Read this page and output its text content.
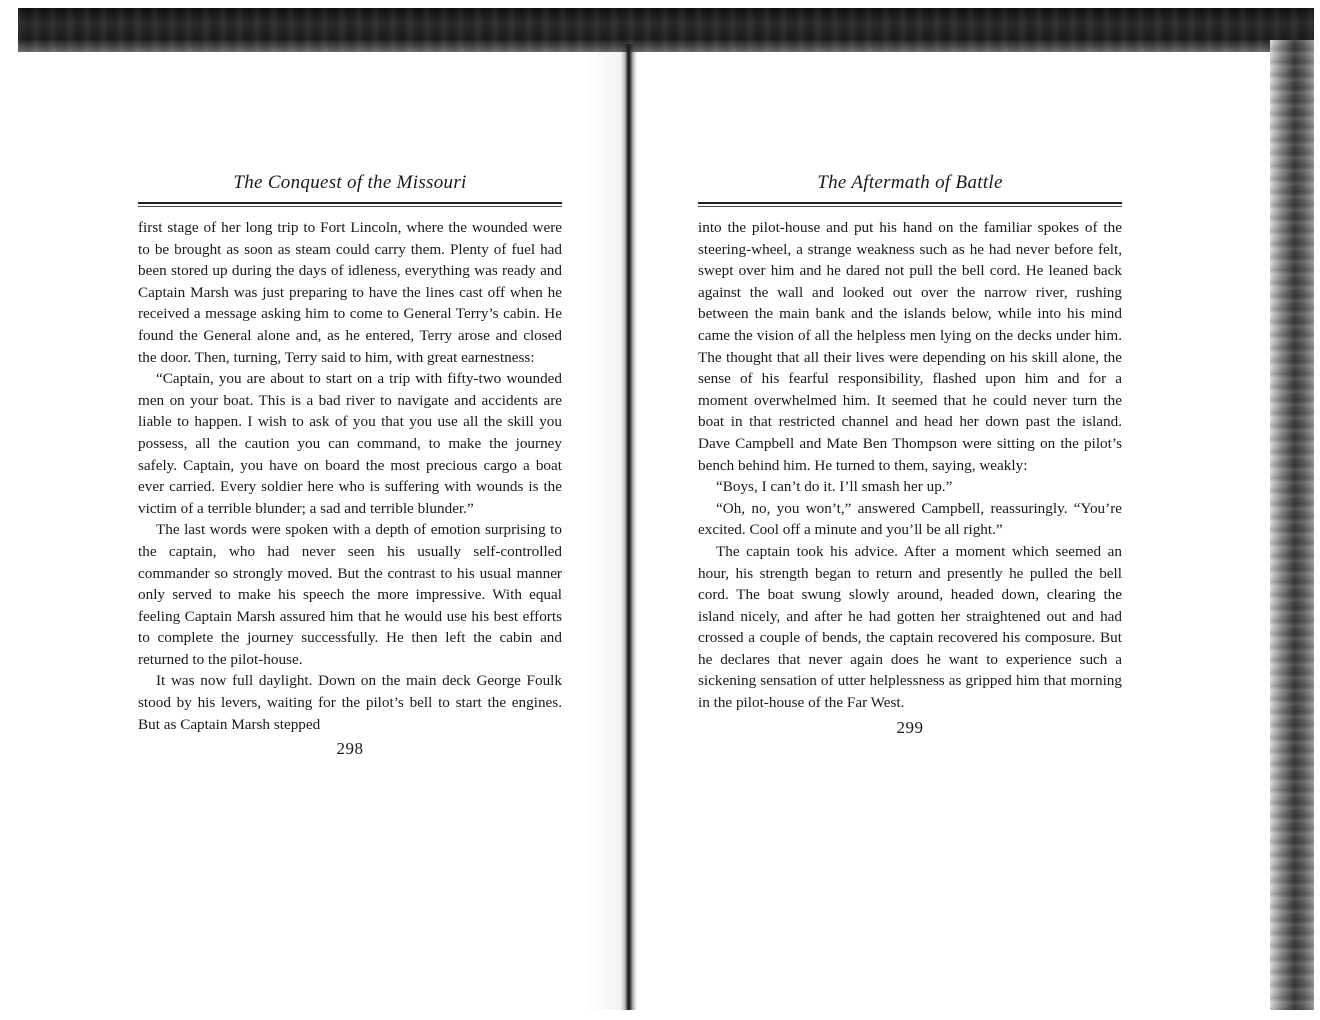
The Conquest of the Missouri

first stage of her long trip to Fort Lincoln, where the wounded were to be brought as soon as steam could carry them. Plenty of fuel had been stored up during the days of idleness, everything was ready and Captain Marsh was just preparing to have the lines cast off when he received a message asking him to come to General Terry’s cabin. He found the General alone and, as he entered, Terry arose and closed the door. Then, turning, Terry said to him, with great earnestness:

“Captain, you are about to start on a trip with fifty-two wounded men on your boat. This is a bad river to navigate and accidents are liable to happen. I wish to ask of you that you use all the skill you possess, all the caution you can command, to make the journey safely. Captain, you have on board the most precious cargo a boat ever carried. Every soldier here who is suffering with wounds is the victim of a terrible blunder; a sad and terrible blunder.”

The last words were spoken with a depth of emotion surprising to the captain, who had never seen his usually self-controlled commander so strongly moved. But the contrast to his usual manner only served to make his speech the more impressive. With equal feeling Captain Marsh assured him that he would use his best efforts to complete the journey successfully. He then left the cabin and returned to the pilot-house.

It was now full daylight. Down on the main deck George Foulk stood by his levers, waiting for the pilot’s bell to start the engines. But as Captain Marsh stepped

298
The Aftermath of Battle

into the pilot-house and put his hand on the familiar spokes of the steering-wheel, a strange weakness such as he had never before felt, swept over him and he dared not pull the bell cord. He leaned back against the wall and looked out over the narrow river, rushing between the main bank and the islands below, while into his mind came the vision of all the helpless men lying on the decks under him. The thought that all their lives were depending on his skill alone, the sense of his fearful responsibility, flashed upon him and for a moment overwhelmed him. It seemed that he could never turn the boat in that restricted channel and head her down past the island. Dave Campbell and Mate Ben Thompson were sitting on the pilot’s bench behind him. He turned to them, saying, weakly:

“Boys, I can’t do it. I’ll smash her up.”

“Oh, no, you won’t,” answered Campbell, reassuringly. “You’re excited. Cool off a minute and you’ll be all right.”

The captain took his advice. After a moment which seemed an hour, his strength began to return and presently he pulled the bell cord. The boat swung slowly around, headed down, clearing the island nicely, and after he had gotten her straightened out and had crossed a couple of bends, the captain recovered his composure. But he declares that never again does he want to experience such a sickening sensation of utter helplessness as gripped him that morning in the pilot-house of the Far West.

299
